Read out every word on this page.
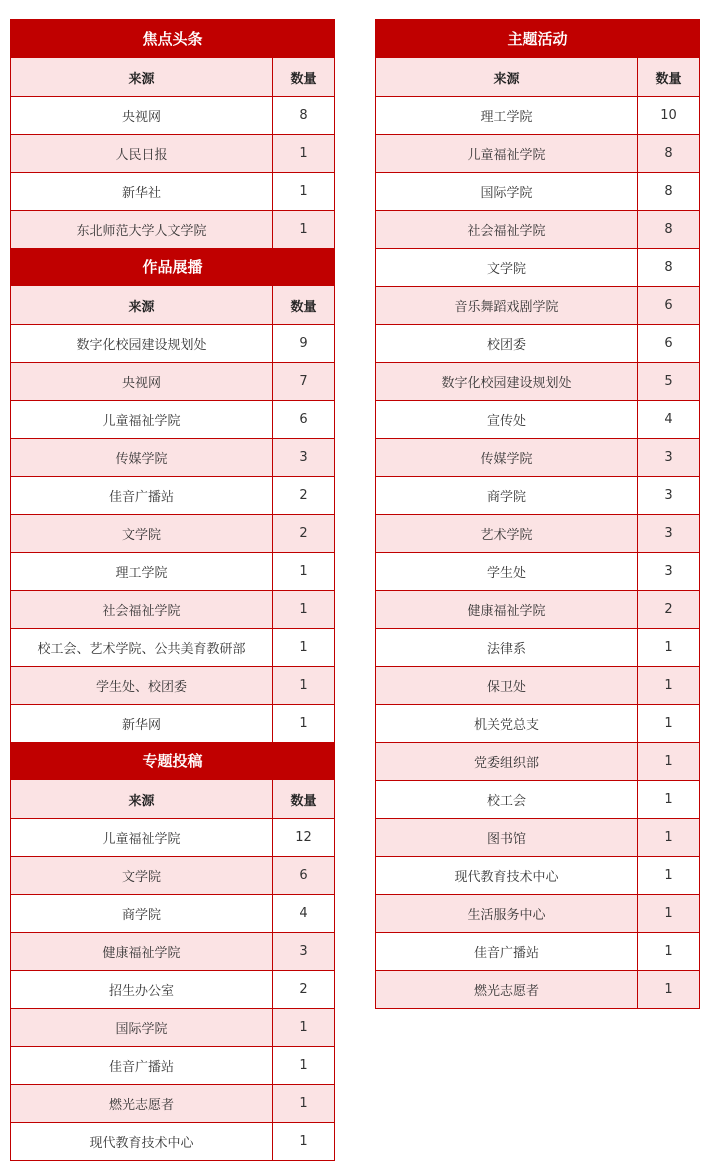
焦点头条
来源	数量
央视网	8
人民日报	1
新华社	1
东北师范大学人文学院	1
作品展播
来源	数量
数字化校园建设规划处	9
央视网	7
儿童福祉学院	6
传媒学院	3
佳音广播站	2
文学院	2
理工学院	1
社会福祉学院	1
校工会、艺术学院、公共美育教研部	1
学生处、校团委	1
新华网	1
专题投稿
来源	数量
儿童福祉学院	12
文学院	6
商学院	4
健康福祉学院	3
招生办公室	2
国际学院	1
佳音广播站	1
燃光志愿者	1
现代教育技术中心	1
主题活动
来源	数量
理工学院	10
儿童福祉学院	8
国际学院	8
社会福祉学院	8
文学院	8
音乐舞蹈戏剧学院	6
校团委	6
数字化校园建设规划处	5
宣传处	4
传媒学院	3
商学院	3
艺术学院	3
学生处	3
健康福祉学院	2
法律系	1
保卫处	1
机关党总支	1
党委组织部	1
校工会	1
图书馆	1
现代教育技术中心	1
生活服务中心	1
佳音广播站	1
燃光志愿者	1
